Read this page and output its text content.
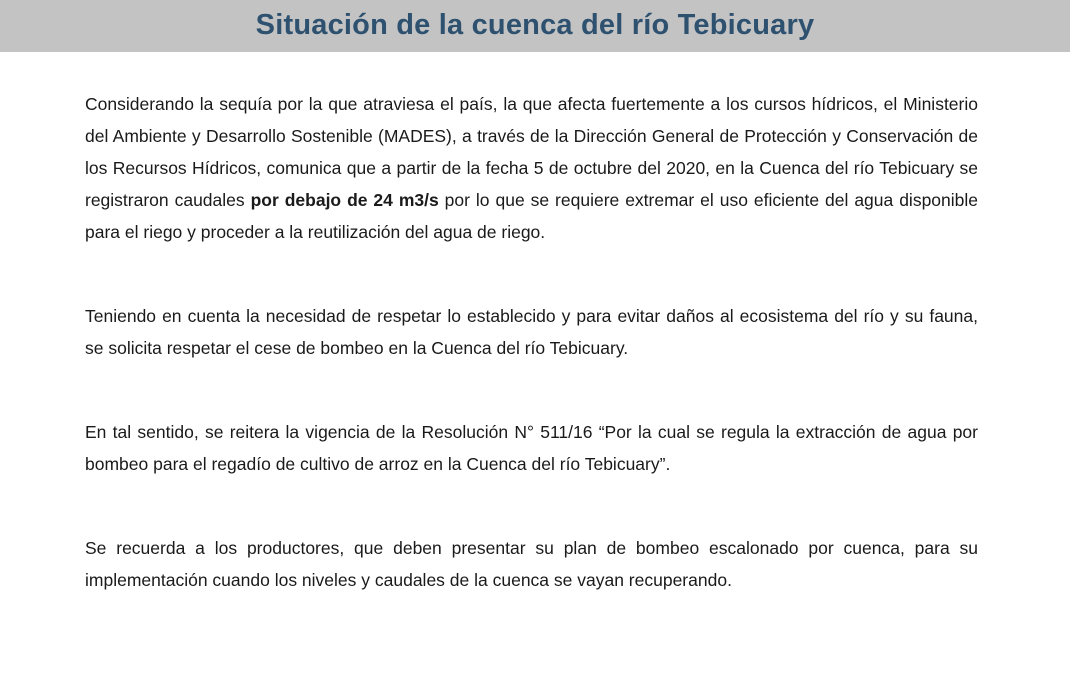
Situación de la cuenca del río Tebicuary

Considerando la sequía por la que atraviesa el país, la que afecta fuertemente a los cursos hídricos, el Ministerio del Ambiente y Desarrollo Sostenible (MADES), a través de la Dirección General de Protección y Conservación de los Recursos Hídricos, comunica que a partir de la fecha 5 de octubre del 2020, en la Cuenca del río Tebicuary se registraron caudales por debajo de 24 m3/s por lo que se requiere extremar el uso eficiente del agua disponible para el riego y proceder a la reutilización del agua de riego.

Teniendo en cuenta la necesidad de respetar lo establecido y para evitar daños al ecosistema del río y su fauna, se solicita respetar el cese de bombeo en la Cuenca del río Tebicuary.

En tal sentido, se reitera la vigencia de la Resolución N° 511/16 “Por la cual se regula la extracción de agua por bombeo para el regadío de cultivo de arroz en la Cuenca del río Tebicuary”.

Se recuerda a los productores, que deben presentar su plan de bombeo escalonado por cuenca, para su implementación cuando los niveles y caudales de la cuenca se vayan recuperando.
